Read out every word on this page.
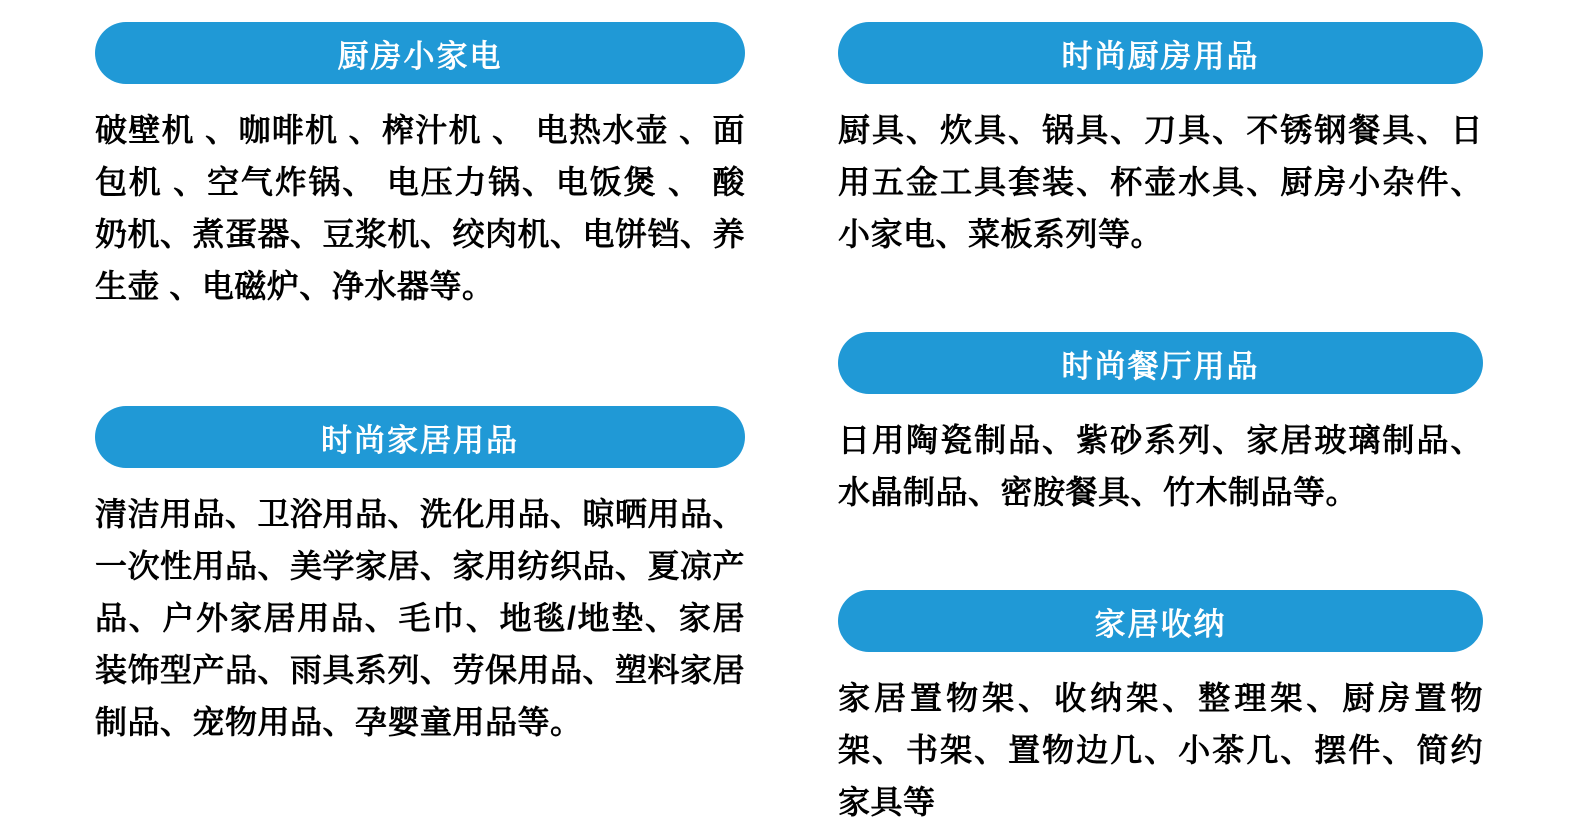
厨房小家电

破壁机 、咖啡机 、榨汁机 、 电热水壶 、面包机 、空气炸锅、 电压力锅、电饭煲 、 酸奶机、煮蛋器、豆浆机、绞肉机、电饼铛、养生壶 、电磁炉、净水器等。

时尚家居用品

清洁用品、卫浴用品、洗化用品、晾晒用品、一次性用品、美学家居、家用纺织品、夏凉产品、户外家居用品、毛巾、地毯/地垫、家居装饰型产品、雨具系列、劳保用品、塑料家居制品、宠物用品、孕婴童用品等。

时尚厨房用品

厨具、炊具、锅具、刀具、不锈钢餐具、日用五金工具套装、杯壶水具、厨房小杂件、小家电、菜板系列等。

时尚餐厅用品

日用陶瓷制品、紫砂系列、家居玻璃制品、水晶制品、密胺餐具、竹木制品等。

家居收纳

家居置物架、收纳架、整理架、厨房置物架、书架、置物边几、小茶几、摆件、简约家具等
